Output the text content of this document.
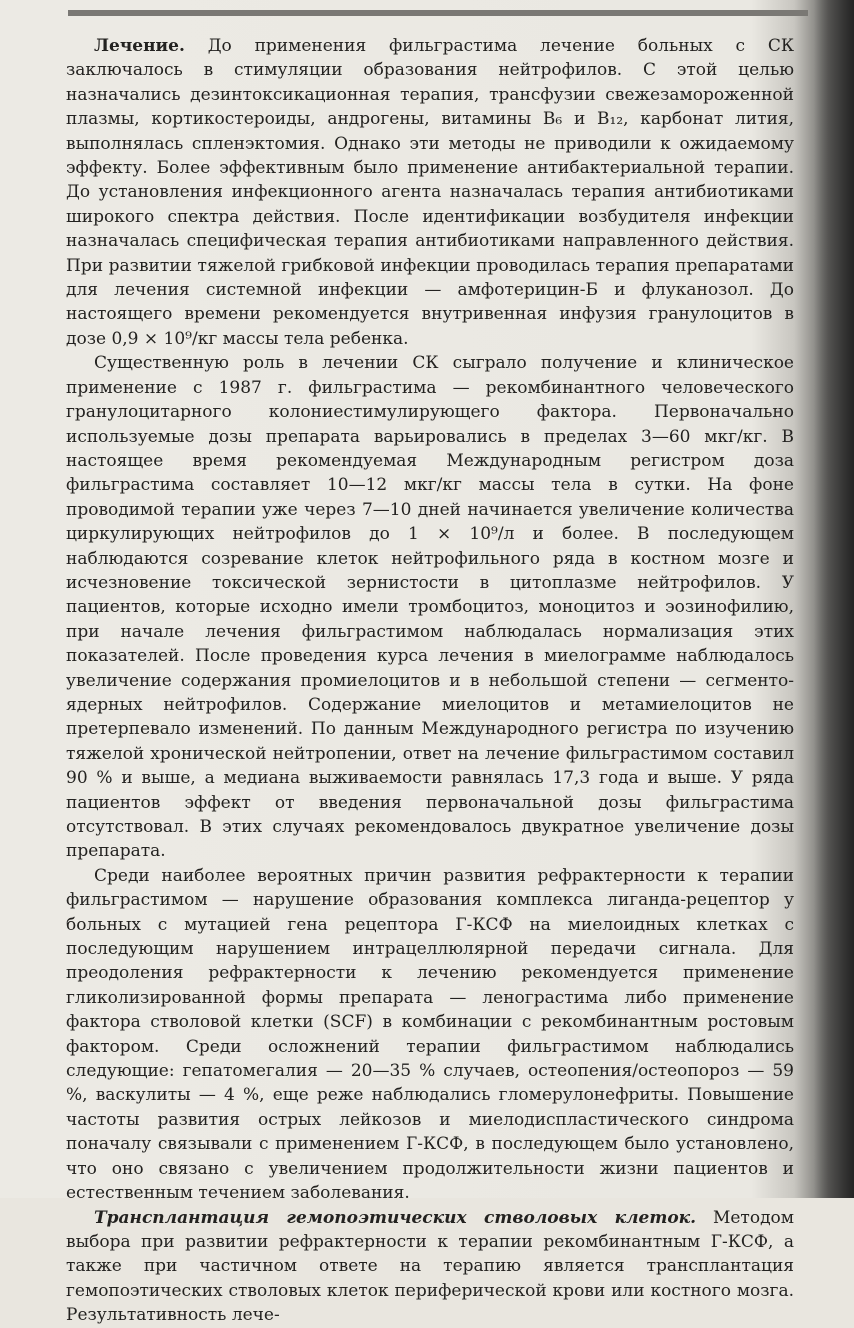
Лечение. До применения фильграстима лечение больных с СК заключалось в стимуляции образования нейтрофилов. С этой целью назначались дезинтоксикационная терапия, трансфузии свежезамороженной плазмы, кортикостероиды, андрогены, витамины B₆ и B₁₂, карбонат лития, выполнялась спленэктомия. Однако эти методы не приводили к ожидаемому эффекту. Более эффективным было применение антибактериальной терапии. До установления инфекционного агента назначалась терапия антибиотиками широкого спектра действия. После идентификации возбудителя инфекции назначалась специфическая терапия антибиотиками направленного действия. При развитии тяжелой грибковой инфекции проводилась терапия препаратами для лечения системной инфекции — амфотерицин-Б и флуканозол. До настоящего времени рекомендуется внутривенная инфузия гранулоцитов в дозе 0,9 × 10⁹/кг массы тела ребенка.

Существенную роль в лечении СК сыграло получение и клиническое применение с 1987 г. фильграстима — рекомбинантного человеческого гранулоцитарного колониестимулирующего фактора. Первоначально используемые дозы препарата варьировались в пределах 3—60 мкг/кг. В настоящее время рекомендуемая Международным регистром доза фильграстима составляет 10—12 мкг/кг массы тела в сутки. На фоне проводимой терапии уже через 7—10 дней начинается увеличение количества циркулирующих нейтрофилов до 1 × 10⁹/л и более. В последующем наблюдаются созревание клеток нейтрофильного ряда в костном мозге и исчезновение токсической зернистости в цитоплазме нейтрофилов. У пациентов, которые исходно имели тромбоцитоз, моноцитоз и эозинофилию, при начале лечения фильграстимом наблюдалась нормализация этих показателей. После проведения курса лечения в миелограмме наблюдалось увеличение содержания промиелоцитов и в небольшой степени — сегменто-ядерных нейтрофилов. Содержание миелоцитов и метамиелоцитов не претерпевало изменений. По данным Международного регистра по изучению тяжелой хронической нейтропении, ответ на лечение фильграстимом составил 90 % и выше, а медиана выживаемости равнялась 17,3 года и выше. У ряда пациентов эффект от введения первоначальной дозы фильграстима отсутствовал. В этих случаях рекомендовалось двукратное увеличение дозы препарата.

Среди наиболее вероятных причин развития рефрактерности к терапии фильграстимом — нарушение образования комплекса лиганда-рецептор у больных с мутацией гена рецептора Г-КСФ на миелоидных клетках с последующим нарушением интрацеллюлярной передачи сигнала. Для преодоления рефрактерности к лечению рекомендуется применение гликолизированной формы препарата — ленограстима либо применение фактора стволовой клетки (SCF) в комбинации с рекомбинантным ростовым фактором. Среди осложнений терапии фильграстимом наблюдались следующие: гепатомегалия — 20—35 % случаев, остеопения/остеопороз — 59 %, васкулиты — 4 %, еще реже наблюдались гломерулонефриты. Повышение частоты развития острых лейкозов и миелодиспластического синдрома поначалу связывали с применением Г-КСФ, в последующем было установлено, что оно связано с увеличением продолжительности жизни пациентов и естественным течением заболевания.

Трансплантация гемопоэтических стволовых клеток. Методом выбора при развитии рефрактерности к терапии рекомбинантным Г-КСФ, а также при частичном ответе на терапию является трансплантация гемопоэтических стволовых клеток периферической крови или костного мозга. Результативность лече-
